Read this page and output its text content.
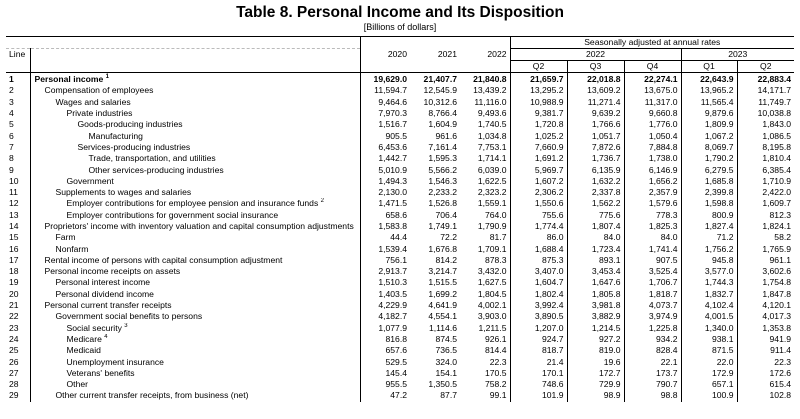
Table 8. Personal Income and Its Disposition
[Billions of dollars]
					Seasonally adjusted at annual rates				
Line		2020	2021	2022	2022			2023	
					Q2	Q3	Q4	Q1	Q2
1	Personal income $^1$	19,629.0	21,407.7	21,840.8	21,659.7	22,018.8	22,274.1	22,643.9	22,883.4
2	Compensation of employees	11,594.7	12,545.9	13,439.2	13,295.2	13,609.2	13,675.0	13,965.2	14,171.7
3	Wages and salaries	9,464.6	10,312.6	11,116.0	10,988.9	11,271.4	11,317.0	11,565.4	11,749.7
4	Private industries	7,970.3	8,766.4	9,493.6	9,381.7	9,639.2	9,660.8	9,879.6	10,038.8
5	Goods-producing industries	1,516.7	1,604.9	1,740.5	1,720.8	1,766.6	1,776.0	1,809.9	1,843.0
6	Manufacturing	905.5	961.6	1,034.8	1,025.2	1,051.7	1,050.4	1,067.2	1,086.5
7	Services-producing industries	6,453.6	7,161.4	7,753.1	7,660.9	7,872.6	7,884.8	8,069.7	8,195.8
8	Trade, transportation, and utilities	1,442.7	1,595.3	1,714.1	1,691.2	1,736.7	1,738.0	1,790.2	1,810.4
9	Other services-producing industries	5,010.9	5,566.2	6,039.0	5,969.7	6,135.9	6,146.9	6,279.5	6,385.4
10	Government	1,494.3	1,546.3	1,622.5	1,607.2	1,632.2	1,656.2	1,685.8	1,710.9
11	Supplements to wages and salaries	2,130.0	2,233.2	2,323.2	2,306.2	2,337.8	2,357.9	2,399.8	2,422.0
12	Employer contributions for employee pension and insurance funds $^2$	1,471.5	1,526.8	1,559.1	1,550.6	1,562.2	1,579.6	1,598.8	1,609.7
13	Employer contributions for government social insurance	658.6	706.4	764.0	755.6	775.6	778.3	800.9	812.3
14	Proprietors' income with inventory valuation and capital consumption adjustments	1,583.8	1,749.1	1,790.9	1,774.4	1,807.4	1,825.3	1,827.4	1,824.1
15	Farm	44.4	72.2	81.7	86.0	84.0	84.0	71.2	58.2
16	Nonfarm	1,539.4	1,676.8	1,709.1	1,688.4	1,723.4	1,741.4	1,756.2	1,765.9
17	Rental income of persons with capital consumption adjustment	756.1	814.2	878.3	875.3	893.1	907.5	945.8	961.1
18	Personal income receipts on assets	2,913.7	3,214.7	3,432.0	3,407.0	3,453.4	3,525.4	3,577.0	3,602.6
19	Personal interest income	1,510.3	1,515.5	1,627.5	1,604.7	1,647.6	1,706.7	1,744.3	1,754.8
20	Personal dividend income	1,403.5	1,699.2	1,804.5	1,802.4	1,805.8	1,818.7	1,832.7	1,847.8
21	Personal current transfer receipts	4,229.9	4,641.9	4,002.1	3,992.4	3,981.8	4,073.7	4,102.4	4,120.1
22	Government social benefits to persons	4,182.7	4,554.1	3,903.0	3,890.5	3,882.9	3,974.9	4,001.5	4,017.3
23	Social security $^3$	1,077.9	1,114.6	1,211.5	1,207.0	1,214.5	1,225.8	1,340.0	1,353.8
24	Medicare $^4$	816.8	874.5	926.1	924.7	927.2	934.2	938.1	941.9
25	Medicaid	657.6	736.5	814.4	818.7	819.0	828.4	871.5	911.4
26	Unemployment insurance	529.5	324.0	22.3	21.4	19.6	22.1	22.0	22.3
27	Veterans' benefits	145.4	154.1	170.5	170.1	172.7	173.7	172.9	172.6
28	Other	955.5	1,350.5	758.2	748.6	729.9	790.7	657.1	615.4
29	Other current transfer receipts, from business (net)	47.2	87.7	99.1	101.9	98.9	98.8	100.9	102.8
